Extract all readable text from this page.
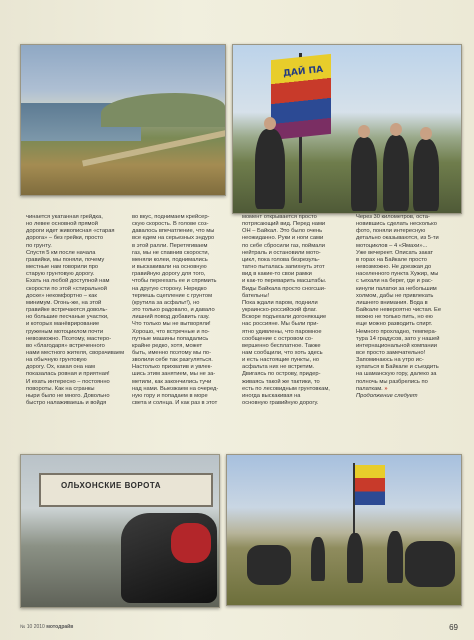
ДАЙ ПА

чинается укатанная грейдка,
но левее основной прямой
дороги идет живописная «старая
дорога» – без грейки, просто
по грунту.
Спустя 5 км после начала
гравийки, мы поняли, почему
местные нам говорили про
старую грунтовую дорогу.
Ехать на любой доступной нам
скорости по этой «стиральной
доске» некомфортно – как
минимум. Огонь-же, на этой
гравийке встречаются доволь-
но большие песчаные участки,
и которых манёврирование
груженым мотоциклом почти
невозможно. Поэтому, мастеро-
во «благодаря» встреченного
нами местного жителя, сворачиваем
на обычную грунтовую
дорогу. Ох, какая она нам
показалась ровная и приятная!
И ехать интересно – постоянно
повороты. Как на сгранкы
ныри было не много. Довольно
быстро налаживаешь и войдя

во вкус, поднимаем крейсер-
скую скорость. В голове соз-
давалось впечатление, что мы
все едем на серьезных эндуро
в этой ралли. Перетягиваем
газ, мы не спавнив скорости,
меняли колеи, поднимались
и выскакивали на основную
гравийную дорогу для того,
чтобы переехать ее и спрямить
на другую сторону. Нередко
теряешь сцепление с грунтом
(крутила за асфальт!), но
это только радовало, и давало
лишний повод добавить газу.
Что только мы не вытворяли!
Хорошо, что встречные и по-
путные машины попадались
крайне редко, хотя, может
быть, именно поэтому мы по-
зволили себе так разгуляться.
Настолько прихватив и увлек-
шись этим занятием, мы не за-
метили, как закончились тучи
над нами. Выезжаем на очеред-
ную гору и попадаем в море
света и солнца. И как раз в этот

момент открывается просто
потрясающий вид. Перед нами
ОН – Байкал. Это было очень
неожиданно. Руки и ноги сами
по себе сбросили газ, поймали
нейтраль и остановили мото-
цикл, пока голова безрезуль-
татно пыталась запихнуть этот
вид в какие-то свои рамки
и как-то переварить масштабы.
Виды Байкала просто сногсши-
бательны!
Пока ждали паром, поднили
украинско-российский флаг.
Вскоре подъехали догоняющие
нас россияне. Мы были при-
ятно удивлены, что паромное
сообщение с островом со-
вершенно бесплатное. Также
нам сообщили, что хоть здесь
и есть настоящие пункты, но
асфальта них не встретим.
Двигаясь по острову, придер-
живаясь такой же тактики, то
есть по лесовидным грунтовкам,
иногда выскакивая на
основную гравийную дорогу.

Через 30 километров, оста-
новившись сделать несколько
фото, поняли интересную
детально оказываются, из 5-ти
мотоциклов – 4 «Ямахи»...
Уже вечереет. Опиcать закат
в горах на Байкале просто
невозможно. Не доезжая до
населенного пункта Хужир, мы
с ъехали на берег, где и рас-
кинули палатки за небольшим
холмом, дабы не привлекать
лишнего внимания. Вода в
Байкале невероятно чистая. Ее
можно не только пить, но ею
еще можно разводить спирт.
Немного прохладно, темпера-
тура 14 градусов, зато у нашей
интернациональной компании
все просто замечательно!
Запоминаюсь на утро ис-
купаться в Байкале и съездить
на шаманскую гору, далеко за
полночь мы разбрелись по
палаткам. »

Продолжение следует

ОЛЬХОНСКИЕ ВОРОТА
№ 10 2010 мотодрайв	69
